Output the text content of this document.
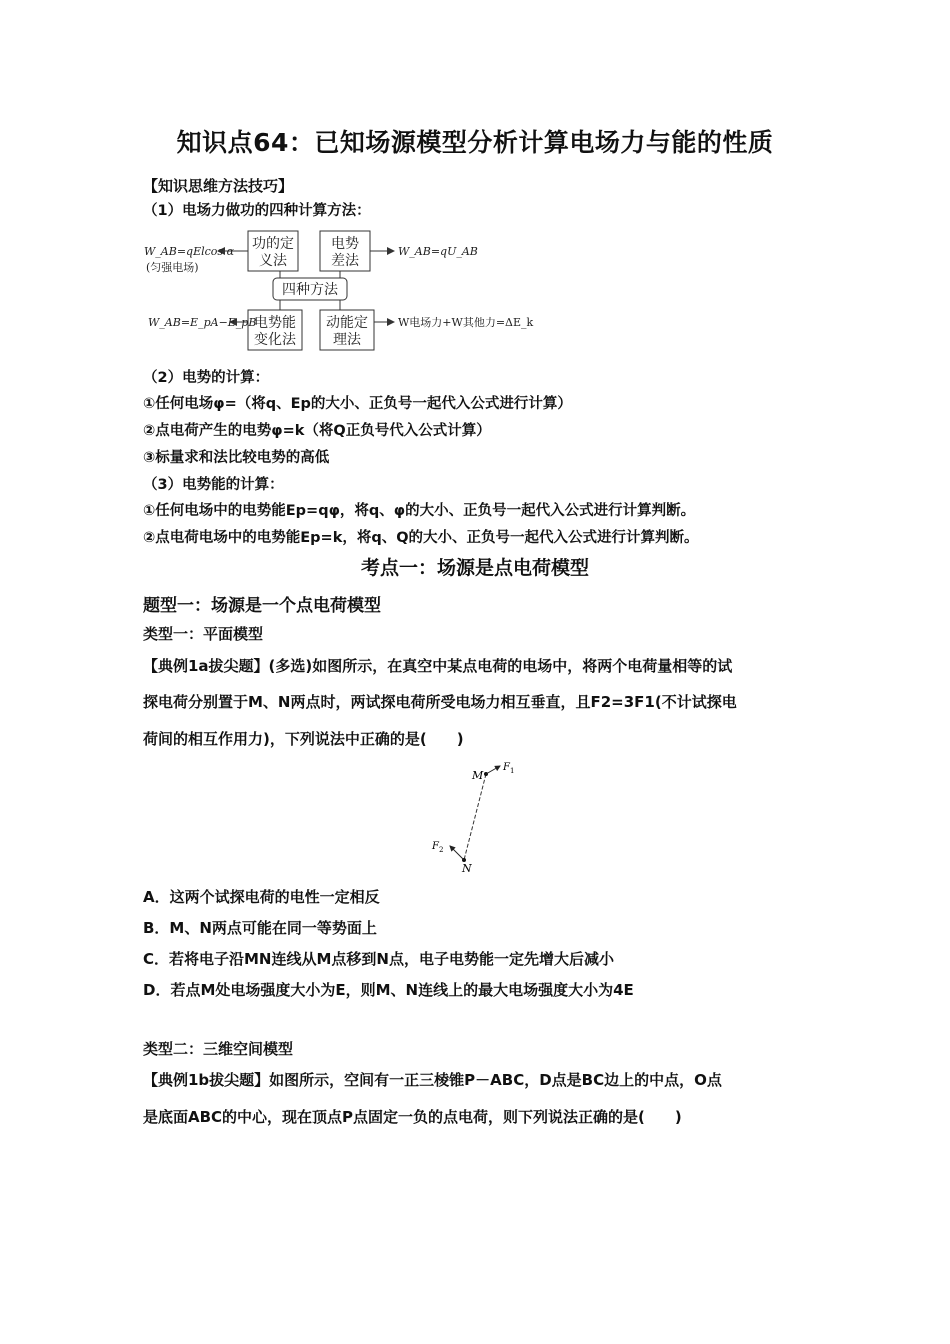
知识点64：已知场源模型分析计算电场力与能的性质
【知识思维方法技巧】
（1）电场力做功的四种计算方法：
功的定
义法
电势
差法
四种方法
电势能
变化法
动能定
理法
W_AB=qElcos α
(匀强电场)
W_AB=qU_AB
W_AB=E_pA−E_pB	W电场力+W其他力=ΔE_k
（2）电势的计算：
①任何电场φ=（将q、Ep的大小、正负号一起代入公式进行计算）
②点电荷产生的电势φ=k（将Q正负号代入公式计算）
③标量求和法比较电势的高低
（3）电势能的计算：
①任何电场中的电势能Ep=qφ，将q、φ的大小、正负号一起代入公式进行计算判断。
②点电荷电场中的电势能Ep=k，将q、Q的大小、正负号一起代入公式进行计算判断。
考点一：场源是点电荷模型
题型一：场源是一个点电荷模型
类型一：平面模型
【典例1a拔尖题】(多选)如图所示，在真空中某点电荷的电场中，将两个电荷量相等的试
探电荷分别置于M、N两点时，两试探电荷所受电场力相互垂直，且F2=3F1(不计试探电
荷间的相互作用力)，下列说法中正确的是(　　)
M
N
F 1
F 2
A．这两个试探电荷的电性一定相反
B．M、N两点可能在同一等势面上
C．若将电子沿MN连线从M点移到N点，电子电势能一定先增大后减小
D．若点M处电场强度大小为E，则M、N连线上的最大电场强度大小为4E
类型二：三维空间模型
【典例1b拔尖题】如图所示，空间有一正三棱锥P－ABC，D点是BC边上的中点，O点
是底面ABC的中心，现在顶点P点固定一负的点电荷，则下列说法正确的是(　　)
